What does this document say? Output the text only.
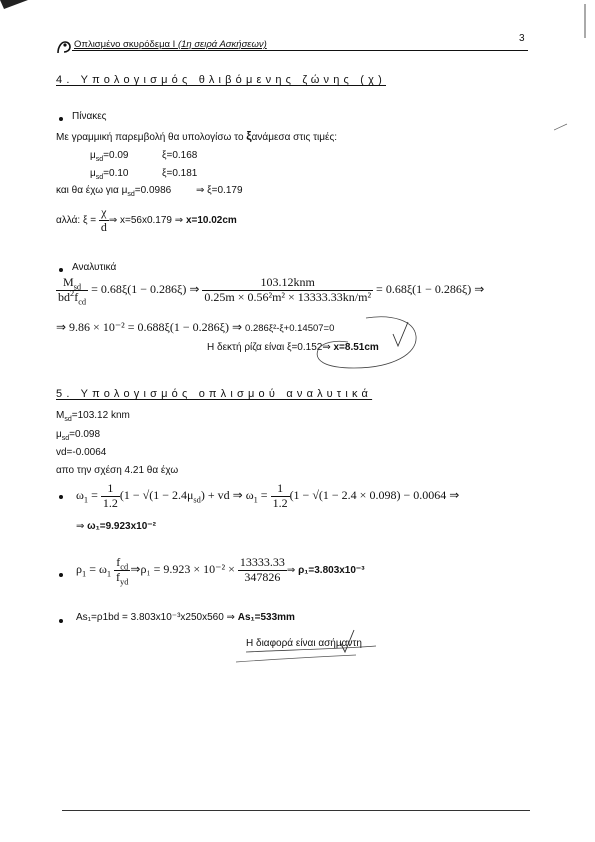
Οπλισμένο σκυρόδεμα Ι (1η σειρά Ασκήσεων)
3
4. Υπολογισμός θλιβόμενης ζώνης (χ)
Πίνακες
Με γραμμική παρεμβολή θα υπολογίσω το ξανάμεσα στις τιμές:
$\mu_{sd}=0.09$	ξ=0.168
$\mu_{sd}=0.10$	ξ=0.181
και θα έχω για $\mu_{sd}=0.0986$ ⇒ ξ=0.179
αλλά: $\xi = \frac{\chi}{d}$ ⇒ x=56x0.179 ⇒ x=10.02cm
Αναλυτικά
$\frac{M_{sd}}{bd^2f_{cd}} = 0.68\xi(1 - 0.286\xi)$ ⇒ $\frac{\text{103.12knm}}{\text{0.25m × 0.56²m² × 13333.33kn/m²}} = 0.68\xi(1 - 0.286\xi)$ ⇒
⇒ 9.86 × 10⁻² = 0.688ξ(1 − 0.286ξ) ⇒ 0.286ξ²-ξ+0.14507=0
Η δεκτή ρίζα είναι ξ=0.152⇒ x=8.51cm
5. Υπολογισμός οπλισμού αναλυτικά
$M_{sd}=103.12$ knm
$\mu_{sd}=0.098$
vd=-0.0064
απο την σχέση 4.21 θα έχω
$\omega_1 = \frac{1}{1.2} (1 - √(1 - 2.4\mu_{sd})$ + vd ⇒ $\omega_1 = \frac{1}{1.2} (1 - √(1 - 2.4 \times 0.098) - 0.0064$ ⇒
⇒ ω₁=9.923x10⁻²
$\rho_1 = \omega_1 \frac{f_{cd}}{f_{yd}}$ ⇒ρ₁ = $9.923 \times 10^{-2} \times \frac{13333.33}{347826}$ ⇒ ρ₁=3.803x10⁻³
As₁=ρ1bd = 3.803x10⁻³x250x560 ⇒ As₁=533mm
Η διαφορά είναι ασήμαντη
